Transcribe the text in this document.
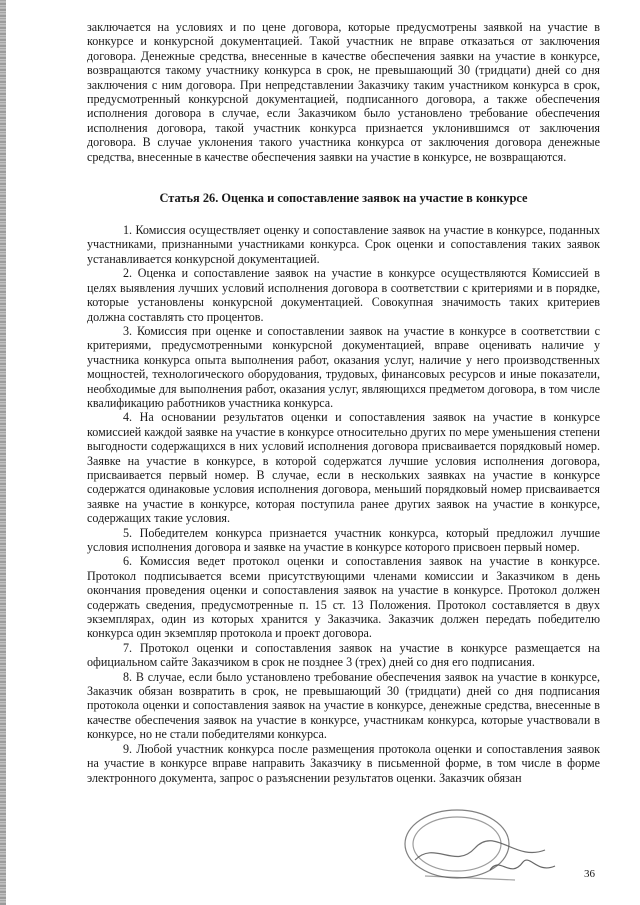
заключается на условиях и по цене договора, которые предусмотрены заявкой на участие в конкурсе и конкурсной документацией. Такой участник не вправе отказаться от заключения договора. Денежные средства, внесенные в качестве обеспечения заявки на участие в конкурсе, возвращаются такому участнику конкурса в срок, не превышающий 30 (тридцати) дней со дня заключения с ним договора. При непредставлении Заказчику таким участником конкурса в срок, предусмотренный конкурсной документацией, подписанного договора, а также обеспечения исполнения договора в случае, если Заказчиком было установлено требование обеспечения исполнения договора, такой участник конкурса признается уклонившимся от заключения договора. В случае уклонения такого участника конкурса от заключения договора денежные средства, внесенные в качестве обеспечения заявки на участие в конкурсе, не возвращаются.

Статья 26. Оценка и сопоставление заявок на участие в конкурсе

1. Комиссия осуществляет оценку и сопоставление заявок на участие в конкурсе, поданных участниками, признанными участниками конкурса. Срок оценки и сопоставления таких заявок устанавливается конкурсной документацией.

2. Оценка и сопоставление заявок на участие в конкурсе осуществляются Комиссией в целях выявления лучших условий исполнения договора в соответствии с критериями и в порядке, которые установлены конкурсной документацией. Совокупная значимость таких критериев должна составлять сто процентов.

3. Комиссия при оценке и сопоставлении заявок на участие в конкурсе в соответствии с критериями, предусмотренными конкурсной документацией, вправе оценивать наличие у участника конкурса опыта выполнения работ, оказания услуг, наличие у него производственных мощностей, технологического оборудования, трудовых, финансовых ресурсов и иные показатели, необходимые для выполнения работ, оказания услуг, являющихся предметом договора, в том числе квалификацию работников участника конкурса.

4. На основании результатов оценки и сопоставления заявок на участие в конкурсе комиссией каждой заявке на участие в конкурсе относительно других по мере уменьшения степени выгодности содержащихся в них условий исполнения договора присваивается порядковый номер. Заявке на участие в конкурсе, в которой содержатся лучшие условия исполнения договора, присваивается первый номер. В случае, если в нескольких заявках на участие в конкурсе содержатся одинаковые условия исполнения договора, меньший порядковый номер присваивается заявке на участие в конкурсе, которая поступила ранее других заявок на участие в конкурсе, содержащих такие условия.

5. Победителем конкурса признается участник конкурса, который предложил лучшие условия исполнения договора и заявке на участие в конкурсе которого присвоен первый номер.

6. Комиссия ведет протокол оценки и сопоставления заявок на участие в конкурсе. Протокол подписывается всеми присутствующими членами комиссии и Заказчиком в день окончания проведения оценки и сопоставления заявок на участие в конкурсе. Протокол должен содержать сведения, предусмотренные п. 15 ст. 13 Положения. Протокол составляется в двух экземплярах, один из которых хранится у Заказчика. Заказчик должен передать победителю конкурса один экземпляр протокола и проект договора.

7. Протокол оценки и сопоставления заявок на участие в конкурсе размещается на официальном сайте Заказчиком в срок не позднее 3 (трех) дней со дня его подписания.

8. В случае, если было установлено требование обеспечения заявок на участие в конкурсе, Заказчик обязан возвратить в срок, не превышающий 30 (тридцати) дней со дня подписания протокола оценки и сопоставления заявок на участие в конкурсе, денежные средства, внесенные в качестве обеспечения заявок на участие в конкурсе, участникам конкурса, которые участвовали в конкурсе, но не стали победителями конкурса.

9. Любой участник конкурса после размещения протокола оценки и сопоставления заявок на участие в конкурсе вправе направить Заказчику в письменной форме, в том числе в форме электронного документа, запрос о разъяснении результатов оценки. Заказчик обязан

36
